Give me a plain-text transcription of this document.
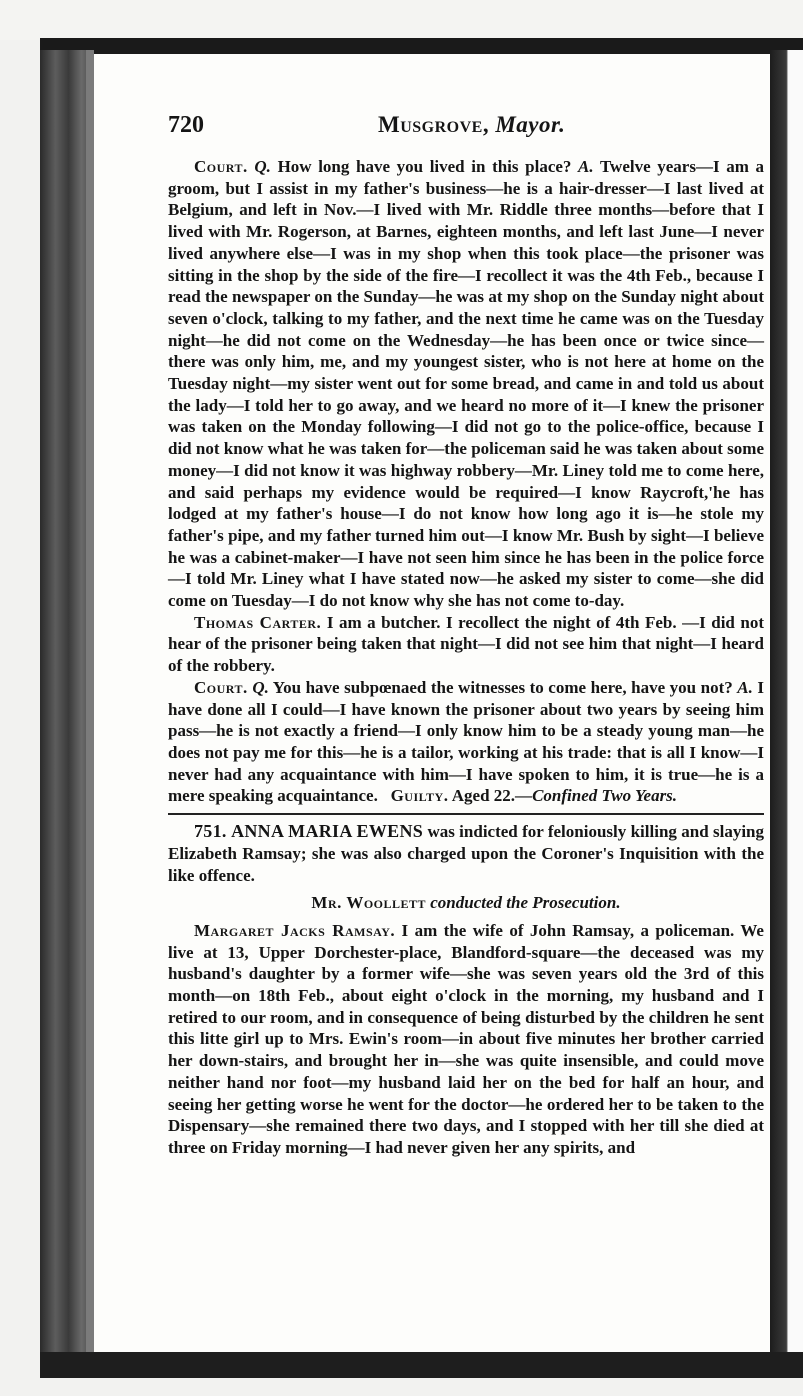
720	Musgrove, Mayor.

Court. Q. How long have you lived in this place? A. Twelve years—I am a groom, but I assist in my father's business—he is a hair-dresser—I last lived at Belgium, and left in Nov.—I lived with Mr. Riddle three months—before that I lived with Mr. Rogerson, at Barnes, eighteen months, and left last June—I never lived anywhere else—I was in my shop when this took place—the prisoner was sitting in the shop by the side of the fire—I recollect it was the 4th Feb., because I read the newspaper on the Sunday—he was at my shop on the Sunday night about seven o'clock, talking to my father, and the next time he came was on the Tuesday night—he did not come on the Wednesday—he has been once or twice since—there was only him, me, and my youngest sister, who is not here at home on the Tuesday night—my sister went out for some bread, and came in and told us about the lady—I told her to go away, and we heard no more of it—I knew the prisoner was taken on the Monday following—I did not go to the police-office, because I did not know what he was taken for—the policeman said he was taken about some money—I did not know it was highway robbery—Mr. Liney told me to come here, and said perhaps my evidence would be required—I know Raycroft,'he has lodged at my father's house—I do not know how long ago it is—he stole my father's pipe, and my father turned him out—I know Mr. Bush by sight—I believe he was a cabinet-maker—I have not seen him since he has been in the police force—I told Mr. Liney what I have stated now—he asked my sister to come—she did come on Tuesday—I do not know why she has not come to-day.

Thomas Carter. I am a butcher. I recollect the night of 4th Feb. —I did not hear of the prisoner being taken that night—I did not see him that night—I heard of the robbery.

Court. Q. You have subpœnaed the witnesses to come here, have you not? A. I have done all I could—I have known the prisoner about two years by seeing him pass—he is not exactly a friend—I only know him to be a steady young man—he does not pay me for this—he is a tailor, working at his trade: that is all I know—I never had any acquaintance with him—I have spoken to him, it is true—he is a mere speaking acquaintance. Guilty. Aged 22.—Confined Two Years.

751. ANNA MARIA EWENS was indicted for feloniously killing and slaying Elizabeth Ramsay; she was also charged upon the Coroner's Inquisition with the like offence.

Mr. Woollett conducted the Prosecution.

Margaret Jacks Ramsay. I am the wife of John Ramsay, a policeman. We live at 13, Upper Dorchester-place, Blandford-square—the deceased was my husband's daughter by a former wife—she was seven years old the 3rd of this month—on 18th Feb., about eight o'clock in the morning, my husband and I retired to our room, and in consequence of being disturbed by the children he sent this litte girl up to Mrs. Ewin's room—in about five minutes her brother carried her down-stairs, and brought her in—she was quite insensible, and could move neither hand nor foot—my husband laid her on the bed for half an hour, and seeing her getting worse he went for the doctor—he ordered her to be taken to the Dispensary—she remained there two days, and I stopped with her till she died at three on Friday morning—I had never given her any spirits, and
